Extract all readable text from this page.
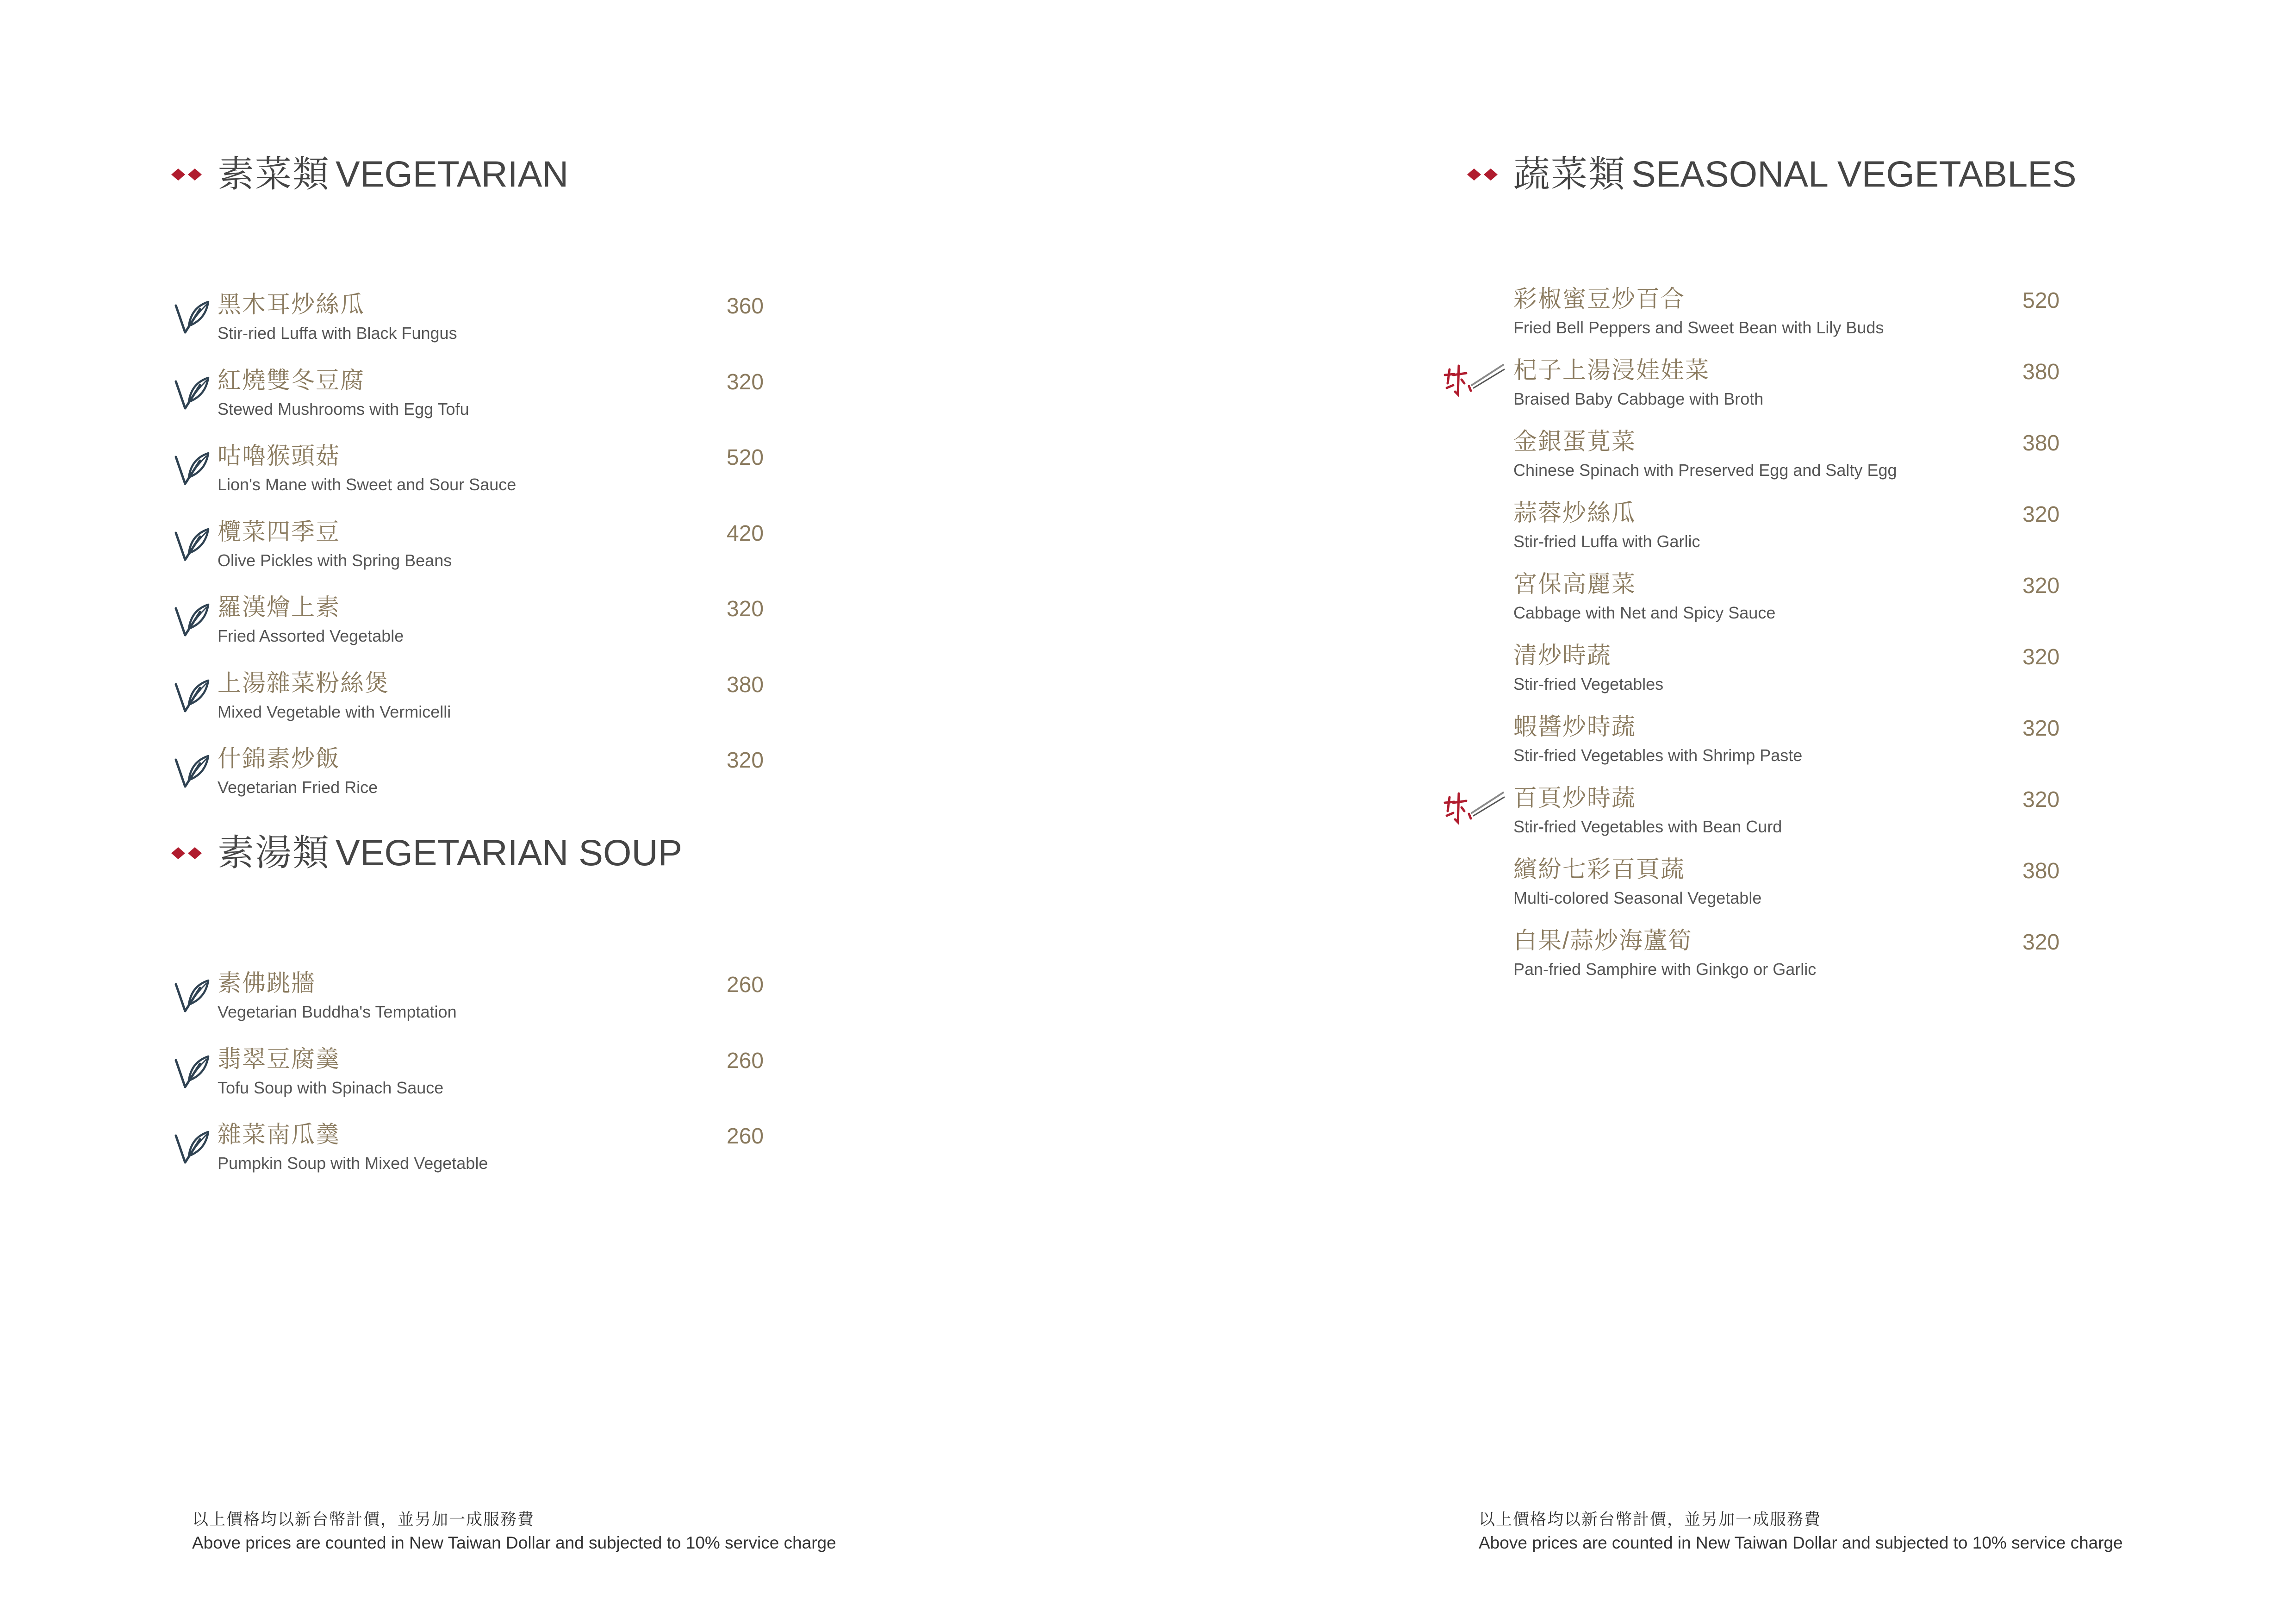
素菜類 VEGETARIAN
黑木耳炒絲瓜
Stir-ried Luffa with Black Fungus
360
紅燒雙冬豆腐
Stewed Mushrooms with Egg Tofu
320
咕嚕猴頭菇
Lion's Mane with Sweet and Sour Sauce
520
欖菜四季豆
Olive Pickles with Spring Beans
420
羅漢燴上素
Fried Assorted Vegetable
320
上湯雜菜粉絲煲
Mixed Vegetable with Vermicelli
380
什錦素炒飯
Vegetarian Fried Rice
320
素湯類 VEGETARIAN SOUP
素佛跳牆
Vegetarian Buddha's Temptation
260
翡翠豆腐羹
Tofu Soup with Spinach Sauce
260
雜菜南瓜羹
Pumpkin Soup with Mixed Vegetable
260
以上價格均以新台幣計價，並另加一成服務費
Above prices are counted in New Taiwan Dollar and subjected to 10% service charge
蔬菜類 SEASONAL VEGETABLES
彩椒蜜豆炒百合
Fried Bell Peppers and Sweet Bean with Lily Buds
520
杞子上湯浸娃娃菜
Braised Baby Cabbage with Broth
380
金銀蛋莧菜
Chinese Spinach with Preserved Egg and Salty Egg
380
蒜蓉炒絲瓜
Stir-fried Luffa with Garlic
320
宮保高麗菜
Cabbage with Net and Spicy Sauce
320
清炒時蔬
Stir-fried Vegetables
320
蝦醬炒時蔬
Stir-fried Vegetables with Shrimp Paste
320
百頁炒時蔬
Stir-fried Vegetables with Bean Curd
320
繽紛七彩百頁蔬
Multi-colored Seasonal Vegetable
380
白果/蒜炒海蘆筍
Pan-fried Samphire with Ginkgo or Garlic
320
以上價格均以新台幣計價，並另加一成服務費
Above prices are counted in New Taiwan Dollar and subjected to 10% service charge
